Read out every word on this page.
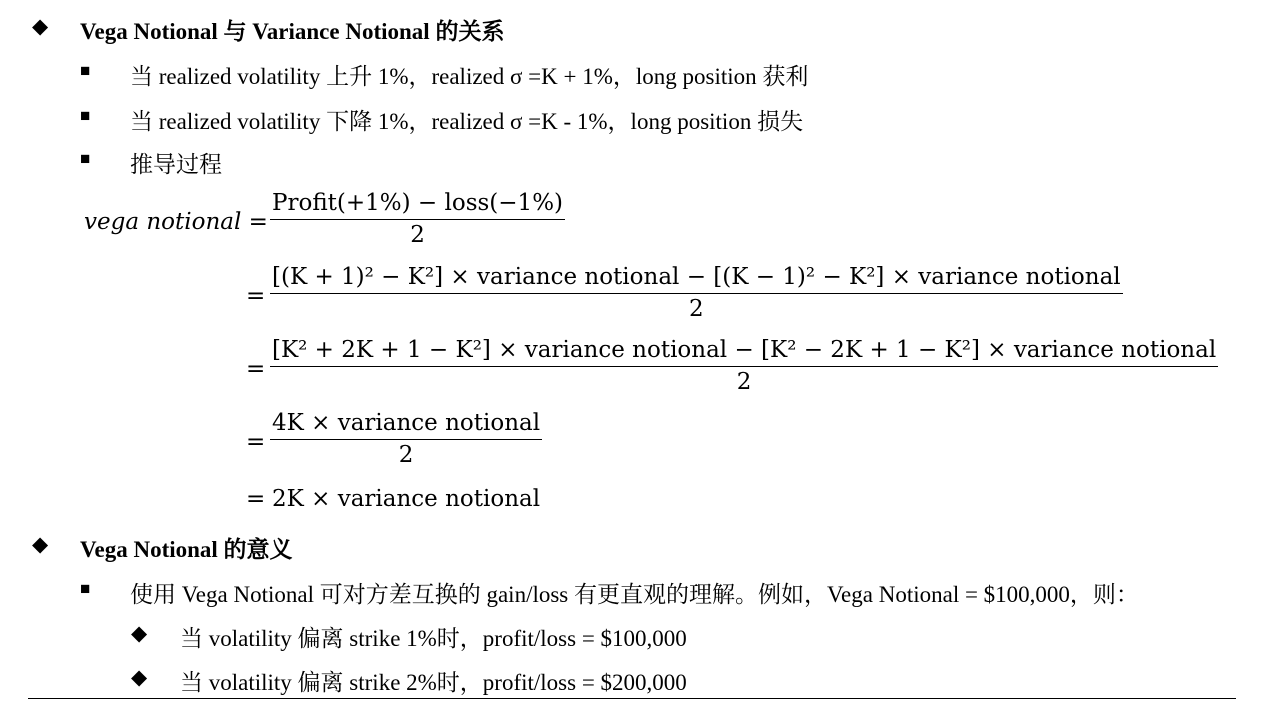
◆ Vega Notional 与 Variance Notional 的关系
■ 当 realized volatility 上升 1%，realized σ =K + 1%，long position 获利
■ 当 realized volatility 下降 1%，realized σ =K - 1%，long position 损失
■ 推导过程
vega notional =
Profit(+1%) − loss(−1%)
2
=
[(K + 1)² − K²] × variance notional − [(K − 1)² − K²] × variance notional
2
=
[K² + 2K + 1 − K²] × variance notional − [K² − 2K + 1 − K²] × variance notional
2
=
4K × variance notional
2
= 2K × variance notional
◆ Vega Notional 的意义
■ 使用 Vega Notional 可对方差互换的 gain/loss 有更直观的理解。例如，Vega Notional = $100,000，则：
◆ 当 volatility 偏离 strike 1%时，profit/loss = $100,000
◆ 当 volatility 偏离 strike 2%时，profit/loss = $200,000
